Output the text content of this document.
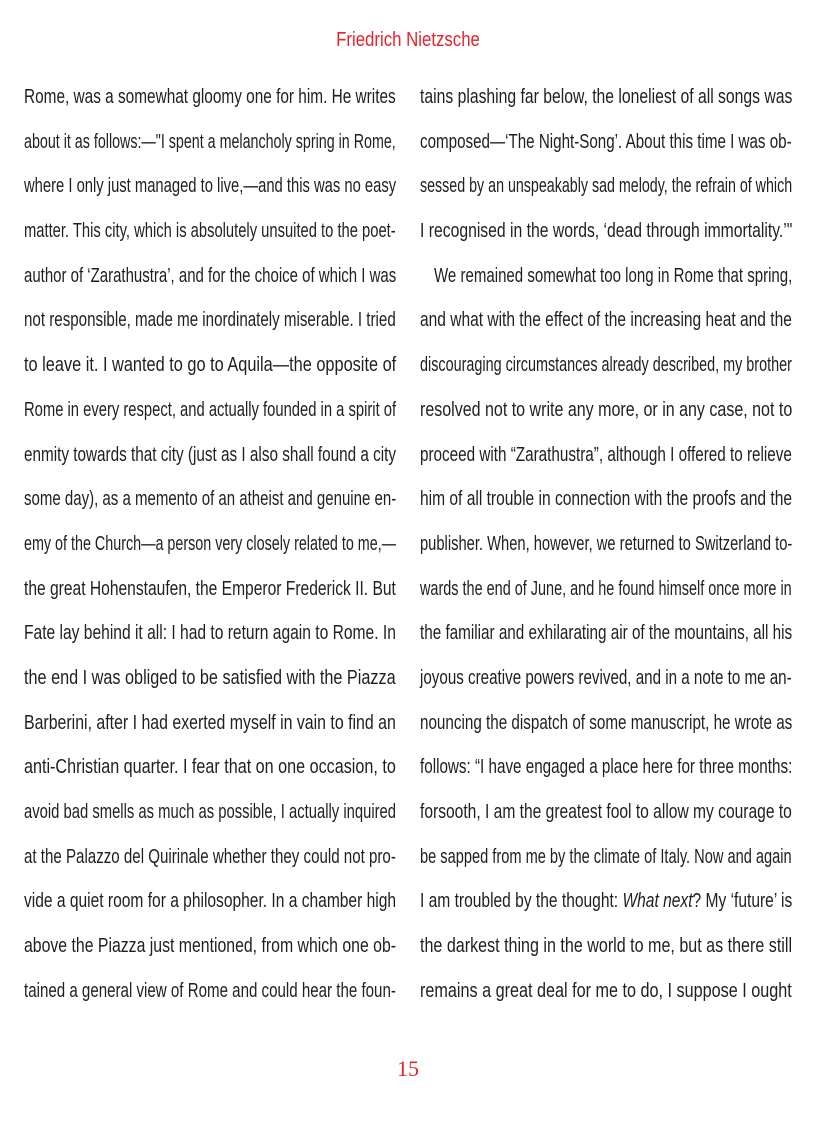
Friedrich Nietzsche
Rome, was a somewhat gloomy one for him. He writes
about it as follows:—"I spent a melancholy spring in Rome,
where I only just managed to live,—and this was no easy
matter. This city, which is absolutely unsuited to the poet-
author of ‘Zarathustra’, and for the choice of which I was
not responsible, made me inordinately miserable. I tried
to leave it. I wanted to go to Aquila—the opposite of
Rome in every respect, and actually founded in a spirit of
enmity towards that city (just as I also shall found a city
some day), as a memento of an atheist and genuine en-
emy of the Church—a person very closely related to me,—
the great Hohenstaufen, the Emperor Frederick II. But
Fate lay behind it all: I had to return again to Rome. In
the end I was obliged to be satisfied with the Piazza
Barberini, after I had exerted myself in vain to find an
anti-Christian quarter. I fear that on one occasion, to
avoid bad smells as much as possible, I actually inquired
at the Palazzo del Quirinale whether they could not pro-
vide a quiet room for a philosopher. In a chamber high
above the Piazza just mentioned, from which one ob-
tained a general view of Rome and could hear the foun-
tains plashing far below, the loneliest of all songs was
composed—‘The Night-Song’. About this time I was ob-
sessed by an unspeakably sad melody, the refrain of which
I recognised in the words, ‘dead through immortality.’"
We remained somewhat too long in Rome that spring,
and what with the effect of the increasing heat and the
discouraging circumstances already described, my brother
resolved not to write any more, or in any case, not to
proceed with “Zarathustra”, although I offered to relieve
him of all trouble in connection with the proofs and the
publisher. When, however, we returned to Switzerland to-
wards the end of June, and he found himself once more in
the familiar and exhilarating air of the mountains, all his
joyous creative powers revived, and in a note to me an-
nouncing the dispatch of some manuscript, he wrote as
follows: “I have engaged a place here for three months:
forsooth, I am the greatest fool to allow my courage to
be sapped from me by the climate of Italy. Now and again
I am troubled by the thought: What next? My ‘future’ is
the darkest thing in the world to me, but as there still
remains a great deal for me to do, I suppose I ought
15
